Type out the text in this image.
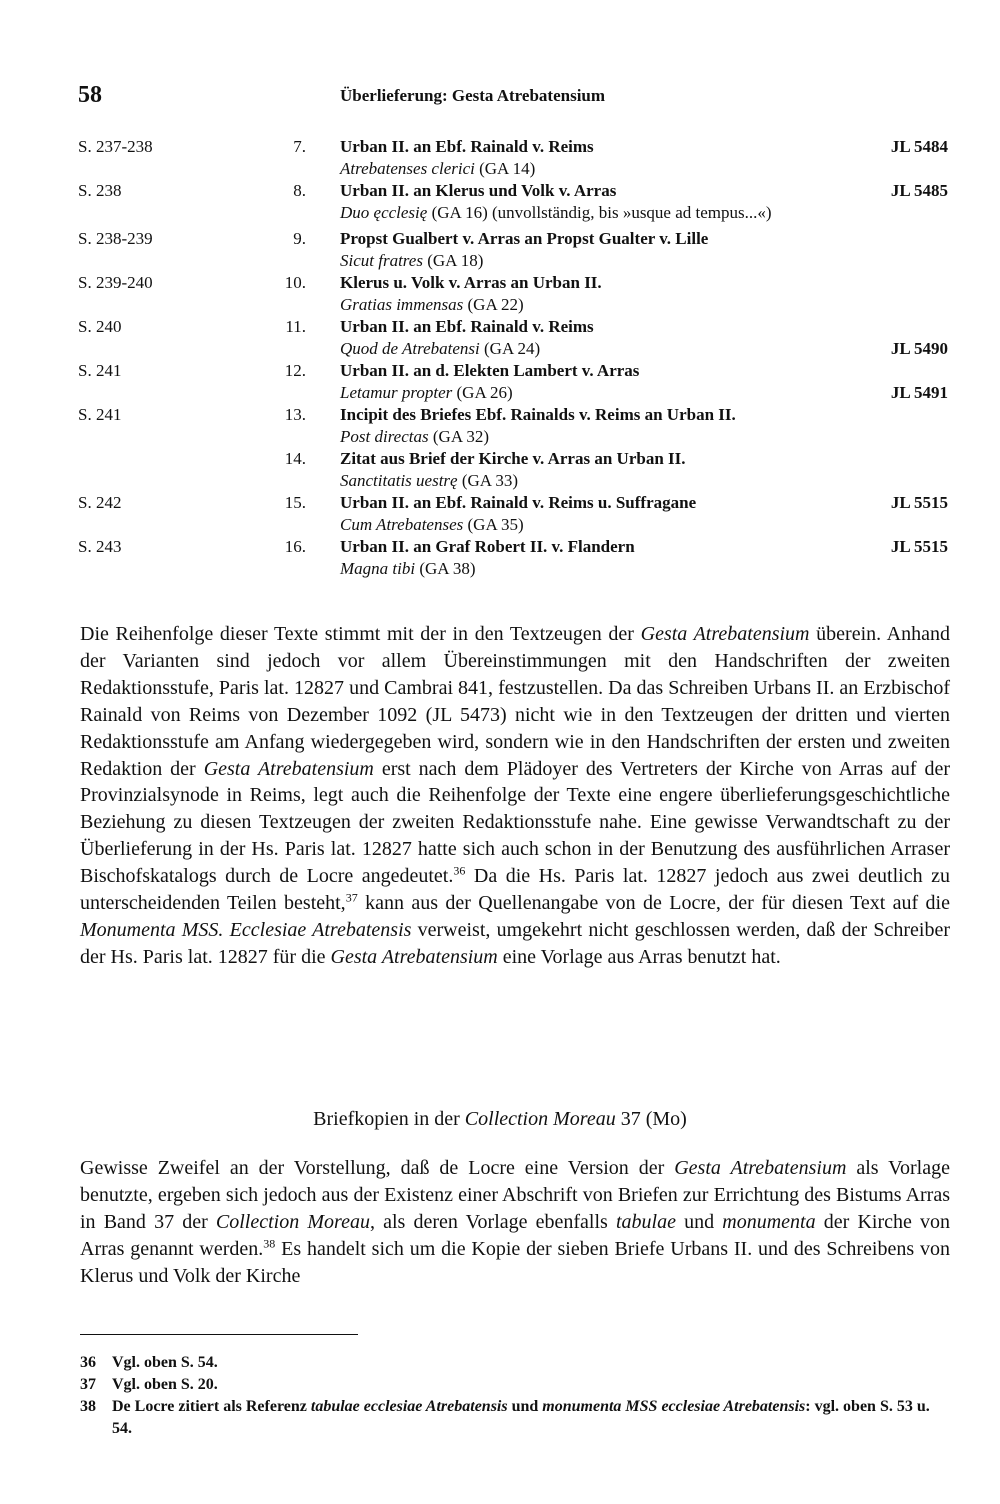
58	Überlieferung: Gesta Atrebatensium
S. 237-238	7. Urban II. an Ebf. Rainald v. Reims
Atrebatenses clerici (GA 14)
JL 5484
S. 238	8. Urban II. an Klerus und Volk v. Arras
Duo ęcclesię (GA 16) (unvollständig, bis »usque ad tempus...«)
JL 5485
S. 238-239	9. Propst Gualbert v. Arras an Propst Gualter v. Lille
Sicut fratres (GA 18)
S. 239-240	10. Klerus u. Volk v. Arras an Urban II.
Gratias immensas (GA 22)
S. 240	11. Urban II. an Ebf. Rainald v. Reims
Quod de Atrebatensi (GA 24)	JL 5490
S. 241	12. Urban II. an d. Elekten Lambert v. Arras
Letamur propter (GA 26)	JL 5491
S. 241	13. Incipit des Briefes Ebf. Rainalds v. Reims an Urban II.
Post directas (GA 32)
14. Zitat aus Brief der Kirche v. Arras an Urban II.
Sanctitatis uestrę (GA 33)
S. 242	15. Urban II. an Ebf. Rainald v. Reims u. Suffragane
Cum Atrebatenses (GA 35)
JL 5515
S. 243	16. Urban II. an Graf Robert II. v. Flandern
Magna tibi (GA 38)
JL 5515
Die Reihenfolge dieser Texte stimmt mit der in den Textzeugen der Gesta Atrebatensium überein. Anhand der Varianten sind jedoch vor allem Übereinstimmungen mit den Handschriften der zweiten Redaktionsstufe, Paris lat. 12827 und Cambrai 841, festzustellen. Da das Schreiben Urbans II. an Erzbischof Rainald von Reims von Dezember 1092 (JL 5473) nicht wie in den Textzeugen der dritten und vierten Redaktionsstufe am Anfang wiedergegeben wird, sondern wie in den Handschriften der ersten und zweiten Redaktion der Gesta Atrebatensium erst nach dem Plädoyer des Vertreters der Kirche von Arras auf der Provinzialsynode in Reims, legt auch die Reihenfolge der Texte eine engere überlieferungsgeschichtliche Beziehung zu diesen Textzeugen der zweiten Redaktionsstufe nahe. Eine gewisse Verwandtschaft zu der Überlieferung in der Hs. Paris lat. 12827 hatte sich auch schon in der Benutzung des ausführlichen Arraser Bischofskatalogs durch de Locre angedeutet.$^{36}$ Da die Hs. Paris lat. 12827 jedoch aus zwei deutlich zu unterscheidenden Teilen besteht,$^{37}$ kann aus der Quellenangabe von de Locre, der für diesen Text auf die Monumenta MSS. Ecclesiae Atrebatensis verweist, umgekehrt nicht geschlossen werden, daß der Schreiber der Hs. Paris lat. 12827 für die Gesta Atrebatensium eine Vorlage aus Arras benutzt hat.
Briefkopien in der Collection Moreau 37 (Mo)
Gewisse Zweifel an der Vorstellung, daß de Locre eine Version der Gesta Atrebatensium als Vorlage benutzte, ergeben sich jedoch aus der Existenz einer Abschrift von Briefen zur Errichtung des Bistums Arras in Band 37 der Collection Moreau, als deren Vorlage ebenfalls tabulae und monumenta der Kirche von Arras genannt werden.$^{38}$ Es handelt sich um die Kopie der sieben Briefe Urbans II. und des Schreibens von Klerus und Volk der Kirche
36 Vgl. oben S. 54.
37 Vgl. oben S. 20.
38 De Locre zitiert als Referenz tabulae ecclesiae Atrebatensis und monumenta MSS ecclesiae Atrebatensis: vgl. oben S. 53 u. 54.
